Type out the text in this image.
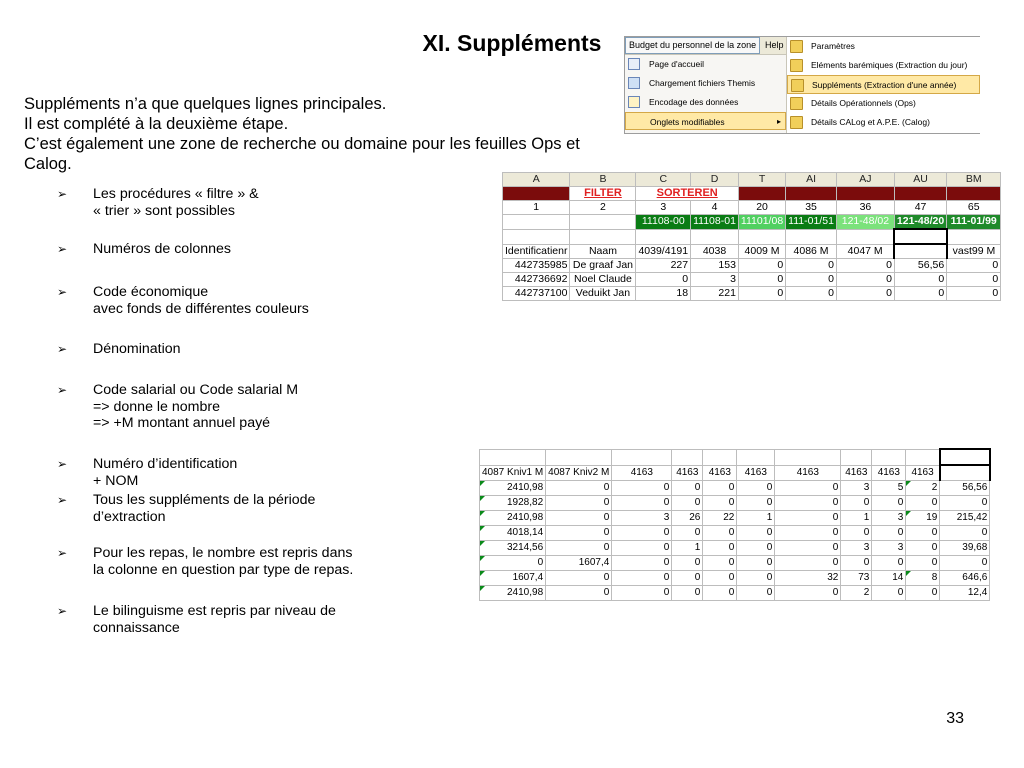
XI. Suppléments
Suppléments n’a que quelques lignes principales.
Il est complété à la deuxième étape.
C’est également une zone de recherche ou domaine pour les feuilles Ops et
Calog.
➢ Les procédures « filtre » &
« trier » sont possibles
➢ Numéros de colonnes
➢ Code économique
avec fonds de différentes couleurs
➢ Dénomination
➢ Code salarial ou Code salarial M
=> donne le nombre
=> +M montant annuel payé
➢ Numéro d’identification
+ NOM
➢ Tous les suppléments de la période
d’extraction
➢ Pour les repas, le nombre est repris dans
la colonne en question par type de repas.
➢ Le bilinguisme est repris par niveau de
connaissance
Budget du personnel de la zone Help
Page d'accueil
Chargement fichiers Themis
Encodage des données
Onglets modifiables	▸
Paramètres
Eléments barémiques (Extraction du jour)
Suppléments (Extraction d'une année)
Détails Opérationnels (Ops)
Détails CALog et A.P.E. (Calog)
A	B	C	D	T	AI	AJ	AU	BM
	FILTER	SORTEREN						
1	2	3	4	20	35	36	47	65
		11108-00	11108-01	11101/08	111-01/51	121-48/02	121-48/20	111-01/99

Identificatienr	Naam	4039/4191	4038	4009 M	4086 M	4047 M		vast99 M
442735985	De graaf Jan	227	153	0	0	0	56,56	0
442736692	Noel Claude	0	3	0	0	0	0	0
442737100	Veduikt Jan	18	221	0	0	0	0	0

4087 Kniv1 M	4087 Kniv2 M	4163	4163	4163	4163	4163	4163	4163	4163	
2410,98	0	0	0	0	0	0	3	5	2	56,56
1928,82	0	0	0	0	0	0	0	0	0	0
2410,98	0	3	26	22	1	0	1	3	19	215,42
4018,14	0	0	0	0	0	0	0	0	0	0
3214,56	0	0	1	0	0	0	3	3	0	39,68
0	1607,4	0	0	0	0	0	0	0	0	0
1607,4	0	0	0	0	0	32	73	14	8	646,6
2410,98	0	0	0	0	0	0	2	0	0	12,4
33
